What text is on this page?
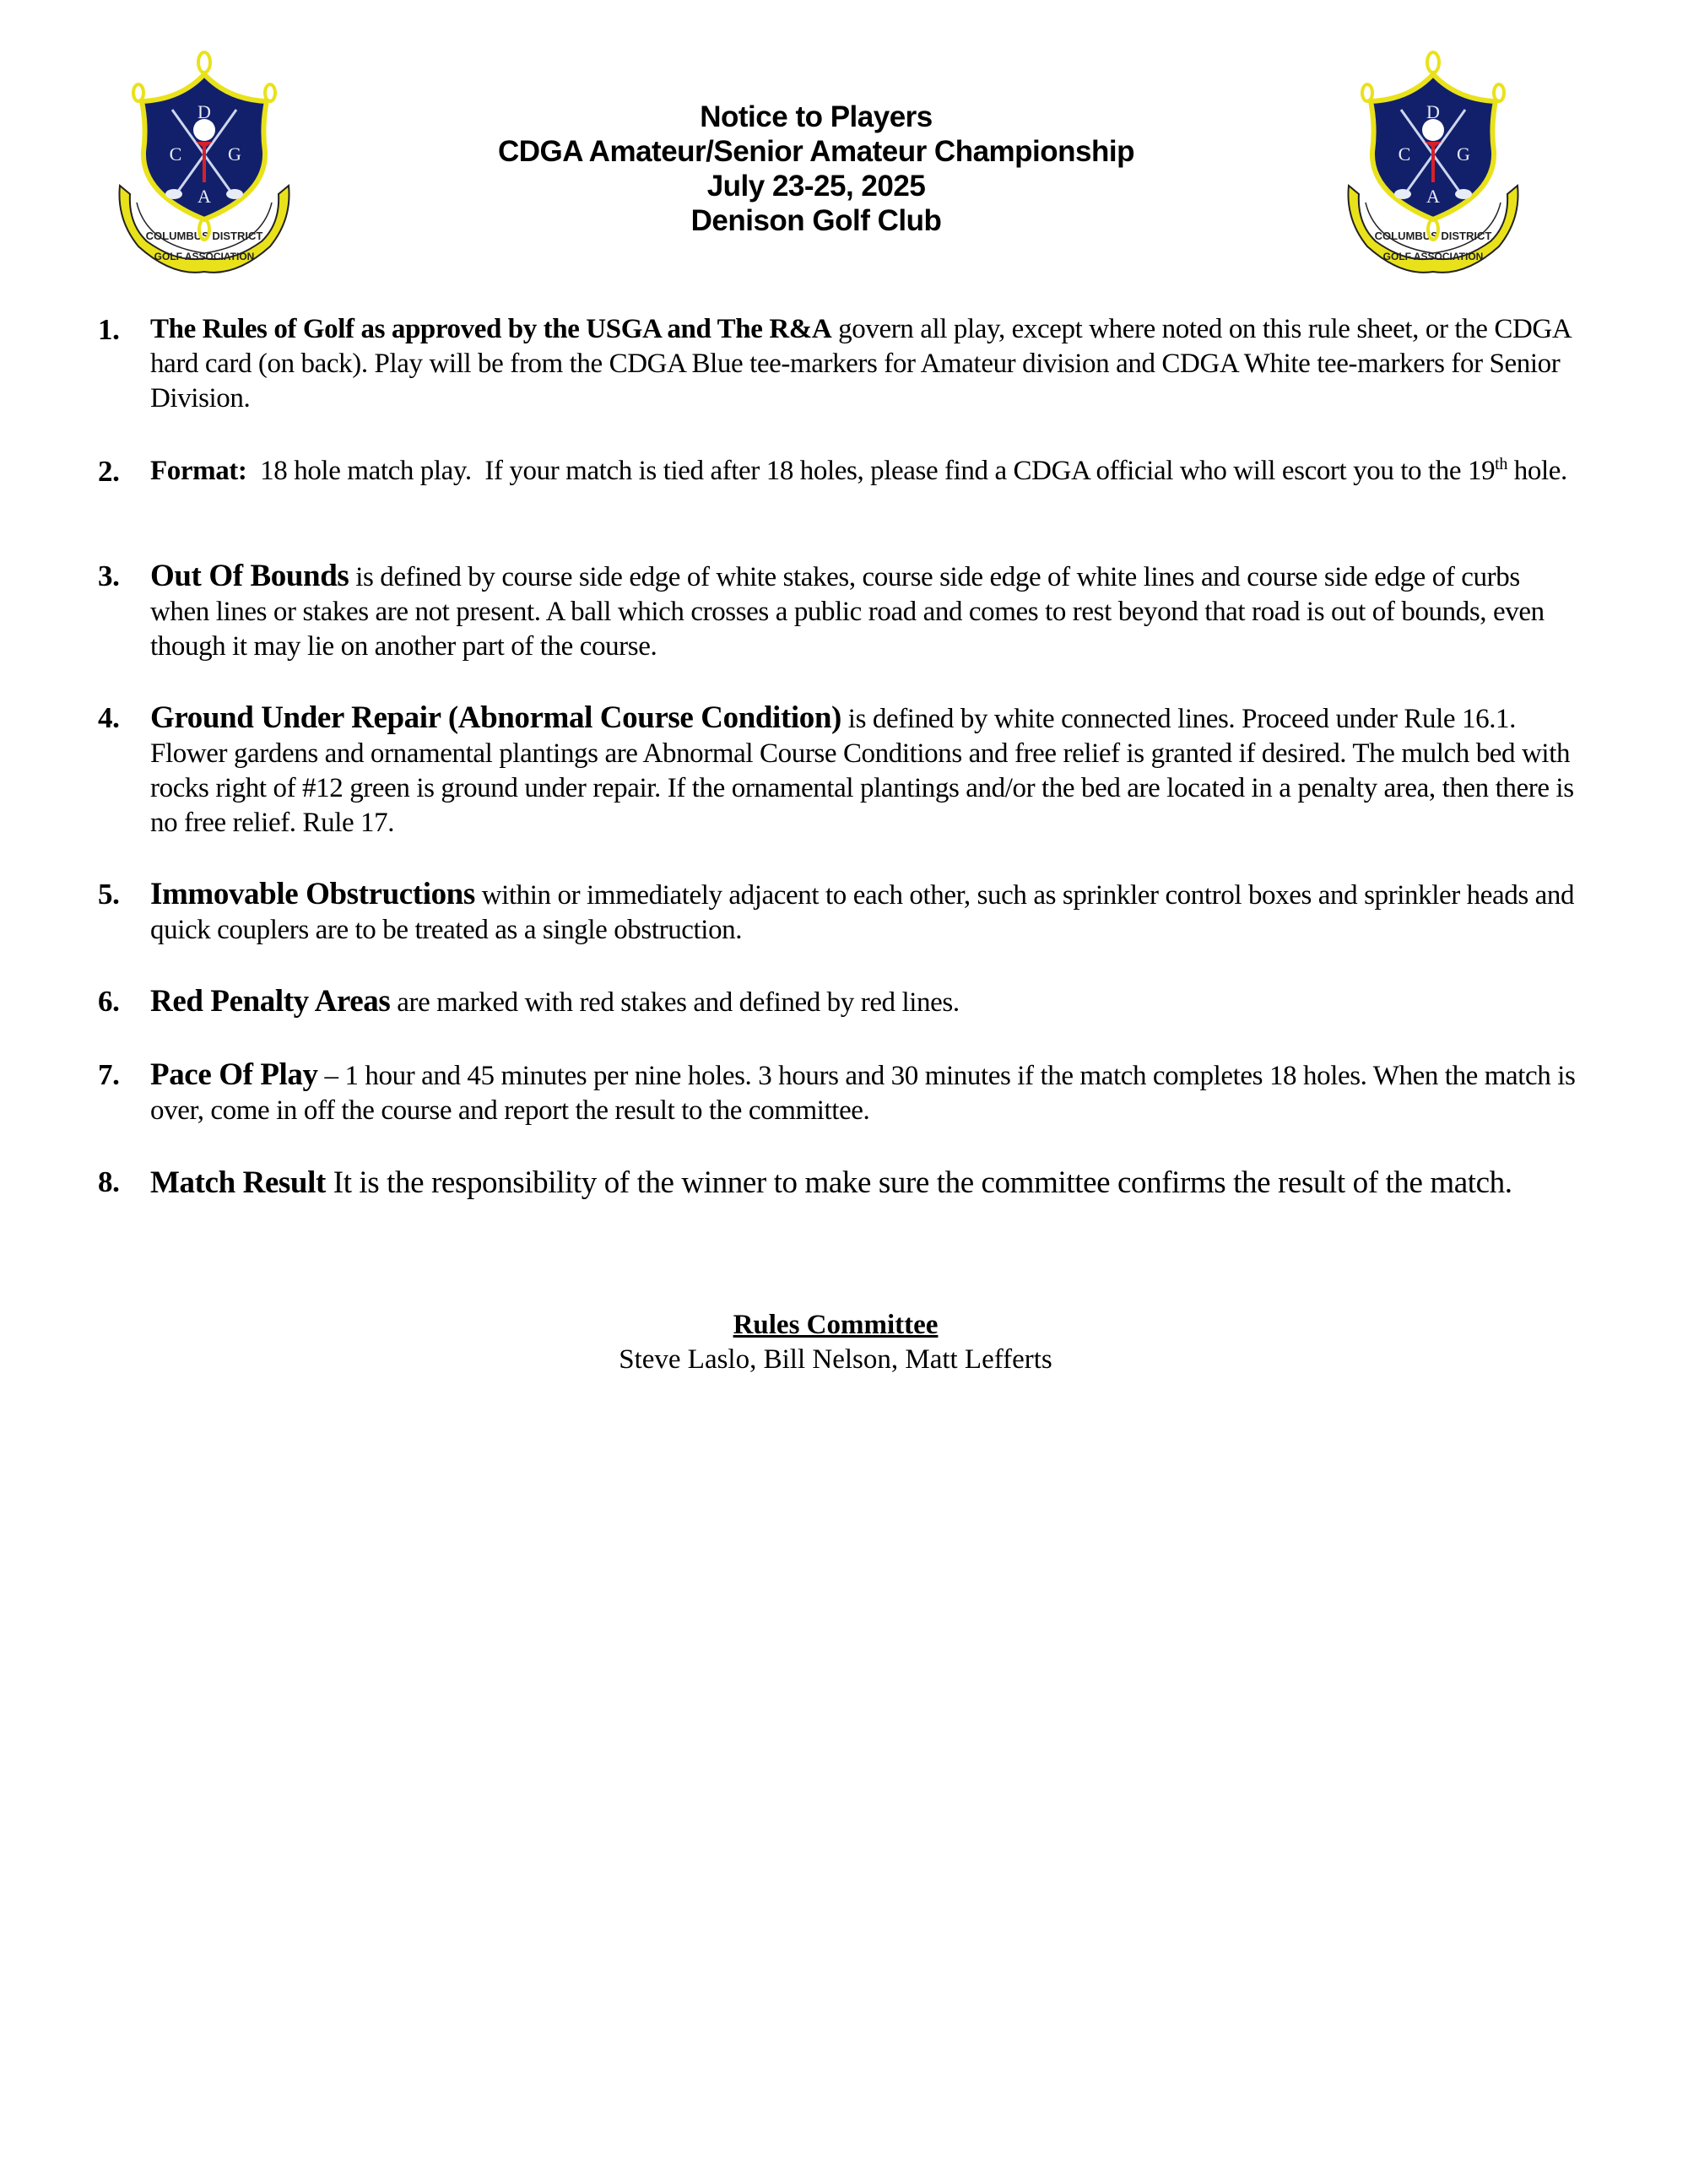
Notice to Players
CDGA Amateur/Senior Amateur Championship
July 23-25, 2025
Denison Golf Club
1. The Rules of Golf as approved by the USGA and The R&A govern all play, except where noted on this rule sheet, or the CDGA hard card (on back). Play will be from the CDGA Blue tee-markers for Amateur division and CDGA White tee-markers for Senior Division.
2. Format:  18 hole match play.  If your match is tied after 18 holes, please find a CDGA official who will escort you to the 19th hole.
3. Out Of Bounds is defined by course side edge of white stakes, course side edge of white lines and course side edge of curbs when lines or stakes are not present. A ball which crosses a public road and comes to rest beyond that road is out of bounds, even though it may lie on another part of the course.
4. Ground Under Repair (Abnormal Course Condition) is defined by white connected lines. Proceed under Rule 16.1. Flower gardens and ornamental plantings are Abnormal Course Conditions and free relief is granted if desired. The mulch bed with rocks right of #12 green is ground under repair. If the ornamental plantings and/or the bed are located in a penalty area, then there is no free relief. Rule 17.
5. Immovable Obstructions within or immediately adjacent to each other, such as sprinkler control boxes and sprinkler heads and quick couplers are to be treated as a single obstruction.
6. Red Penalty Areas are marked with red stakes and defined by red lines.
7. Pace Of Play – 1 hour and 45 minutes per nine holes. 3 hours and 30 minutes if the match completes 18 holes. When the match is over, come in off the course and report the result to the committee.
8. Match Result It is the responsibility of the winner to make sure the committee confirms the result of the match.
Rules Committee
Steve Laslo, Bill Nelson, Matt Lefferts
